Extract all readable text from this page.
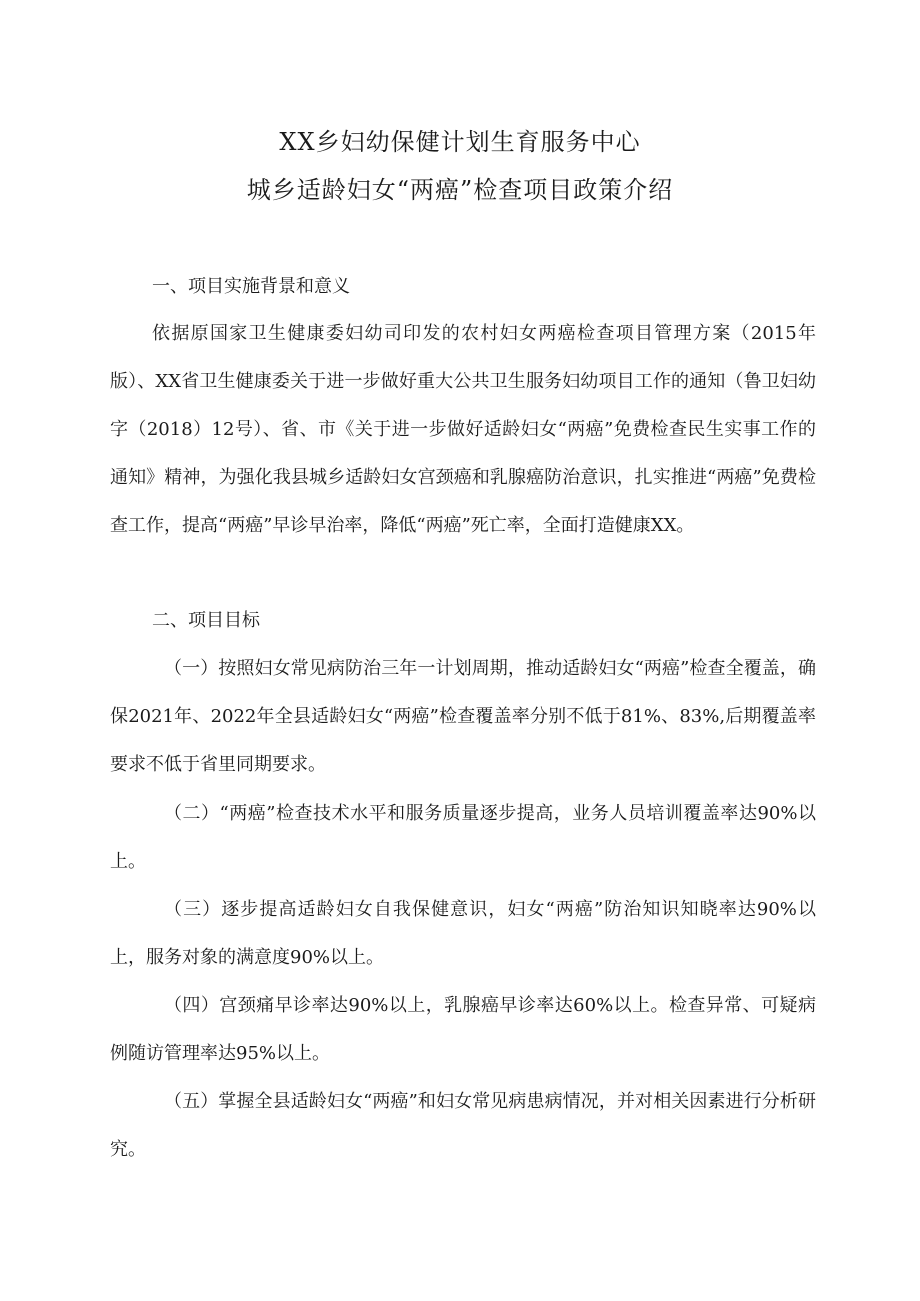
XX乡妇幼保健计划生育服务中心
城乡适龄妇女“两癌”检查项目政策介绍
一、项目实施背景和意义

依据原国家卫生健康委妇幼司印发的农村妇女两癌检查项目管理方案（2015年版）、XX省卫生健康委关于进一步做好重大公共卫生服务妇幼项目工作的通知（鲁卫妇幼字（2018）12号）、省、市《关于进一步做好适龄妇女“两癌”免费检查民生实事工作的通知》精神，为强化我县城乡适龄妇女宫颈癌和乳腺癌防治意识，扎实推进“两癌”免费检查工作，提高“两癌”早诊早治率，降低“两癌”死亡率，全面打造健康XX。

二、项目目标

（一）按照妇女常见病防治三年一计划周期，推动适龄妇女“两癌”检查全覆盖，确保2021年、2022年全县适龄妇女“两癌”检查覆盖率分别不低于81%、83%,后期覆盖率要求不低于省里同期要求。

（二）“两癌”检查技术水平和服务质量逐步提高，业务人员培训覆盖率达90%以上。

（三）逐步提高适龄妇女自我保健意识，妇女“两癌”防治知识知晓率达90%以上，服务对象的满意度90%以上。

（四）宫颈痛早诊率达90%以上，乳腺癌早诊率达60%以上。检查异常、可疑病例随访管理率达95%以上。

（五）掌握全县适龄妇女“两癌”和妇女常见病患病情况，并对相关因素进行分析研究。
